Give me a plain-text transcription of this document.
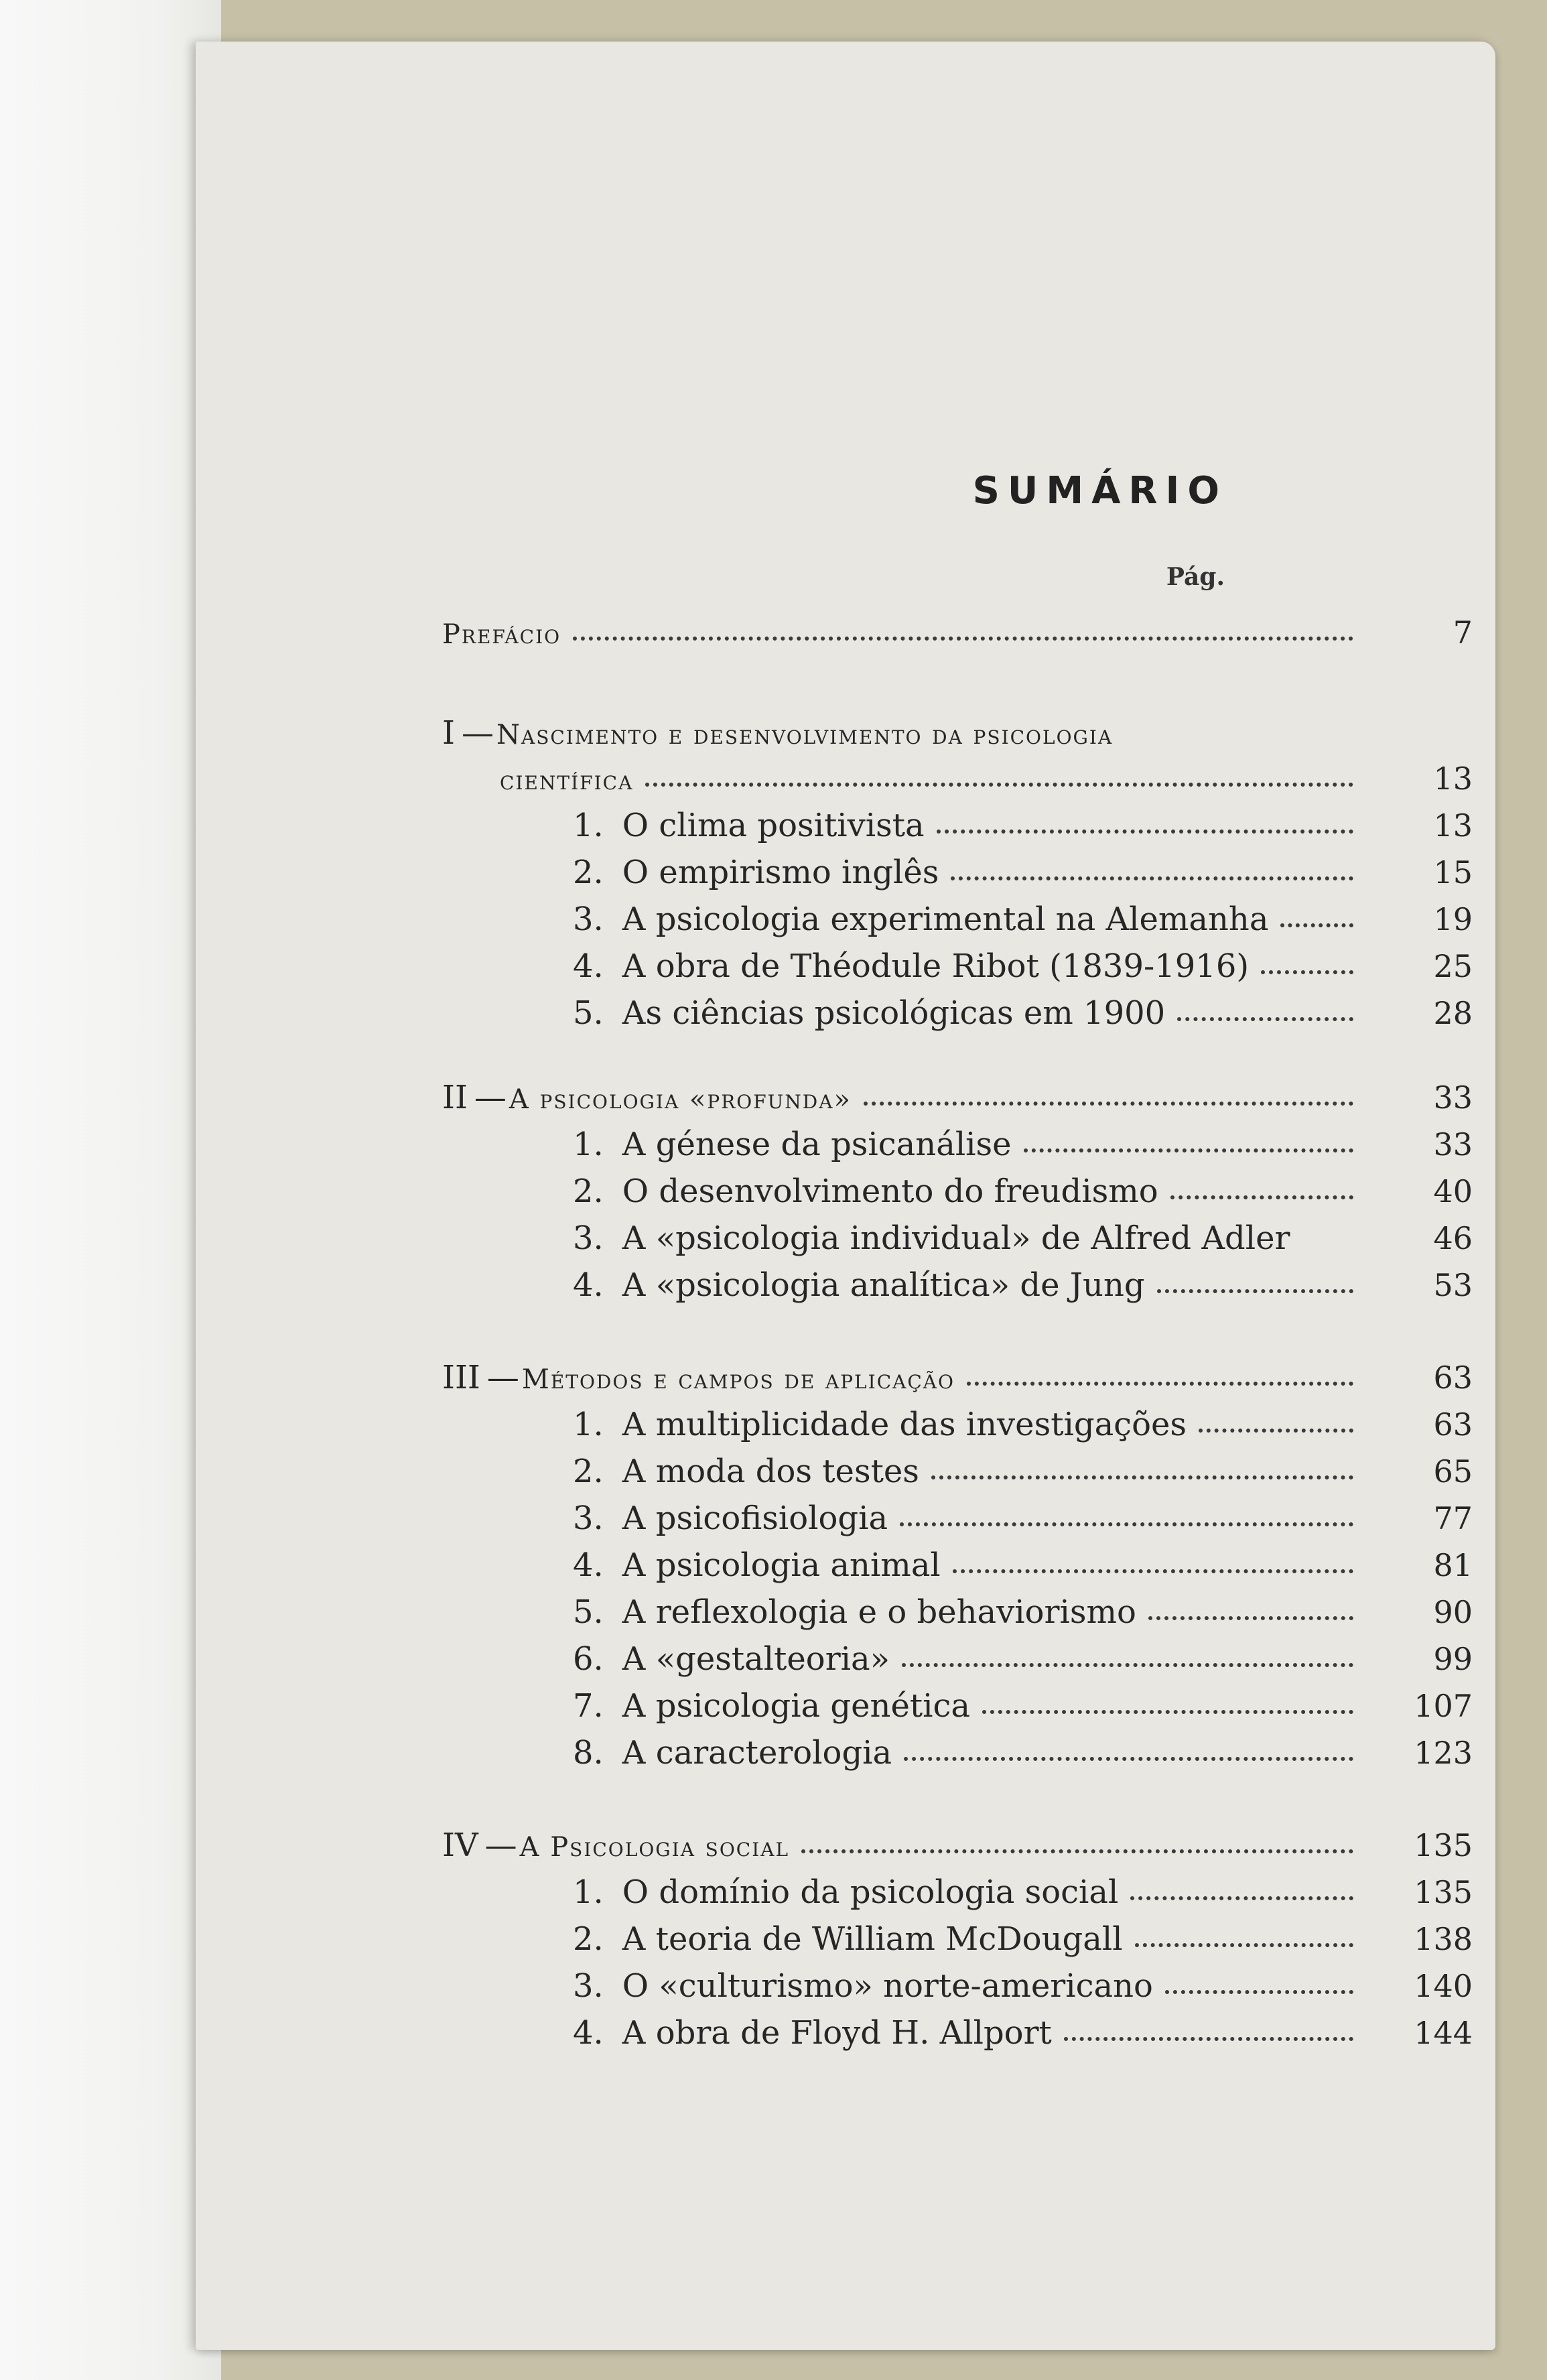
SUMÁRIO
Pág.
Prefácio	7
I — Nascimento e desenvolvimento da psicologia
científica	13
1. O clima positivista	13
2. O empirismo inglês	15
3. A psicologia experimental na Alemanha	19
4. A obra de Théodule Ribot (1839-1916)	25
5. As ciências psicológicas em 1900	28
II — A psicologia «profunda»	33
1. A génese da psicanálise	33
2. O desenvolvimento do freudismo	40
3. A «psicologia individual» de Alfred Adler	46
4. A «psicologia analítica» de Jung	53
III — Métodos e campos de aplicação	63
1. A multiplicidade das investigações	63
2. A moda dos testes	65
3. A psicofisiologia	77
4. A psicologia animal	81
5. A reflexologia e o behaviorismo	90
6. A «gestalteoria»	99
7. A psicologia genética	107
8. A caracterologia	123
IV — A Psicologia social	135
1. O domínio da psicologia social	135
2. A teoria de William McDougall	138
3. O «culturismo» norte-americano	140
4. A obra de Floyd H. Allport	144
